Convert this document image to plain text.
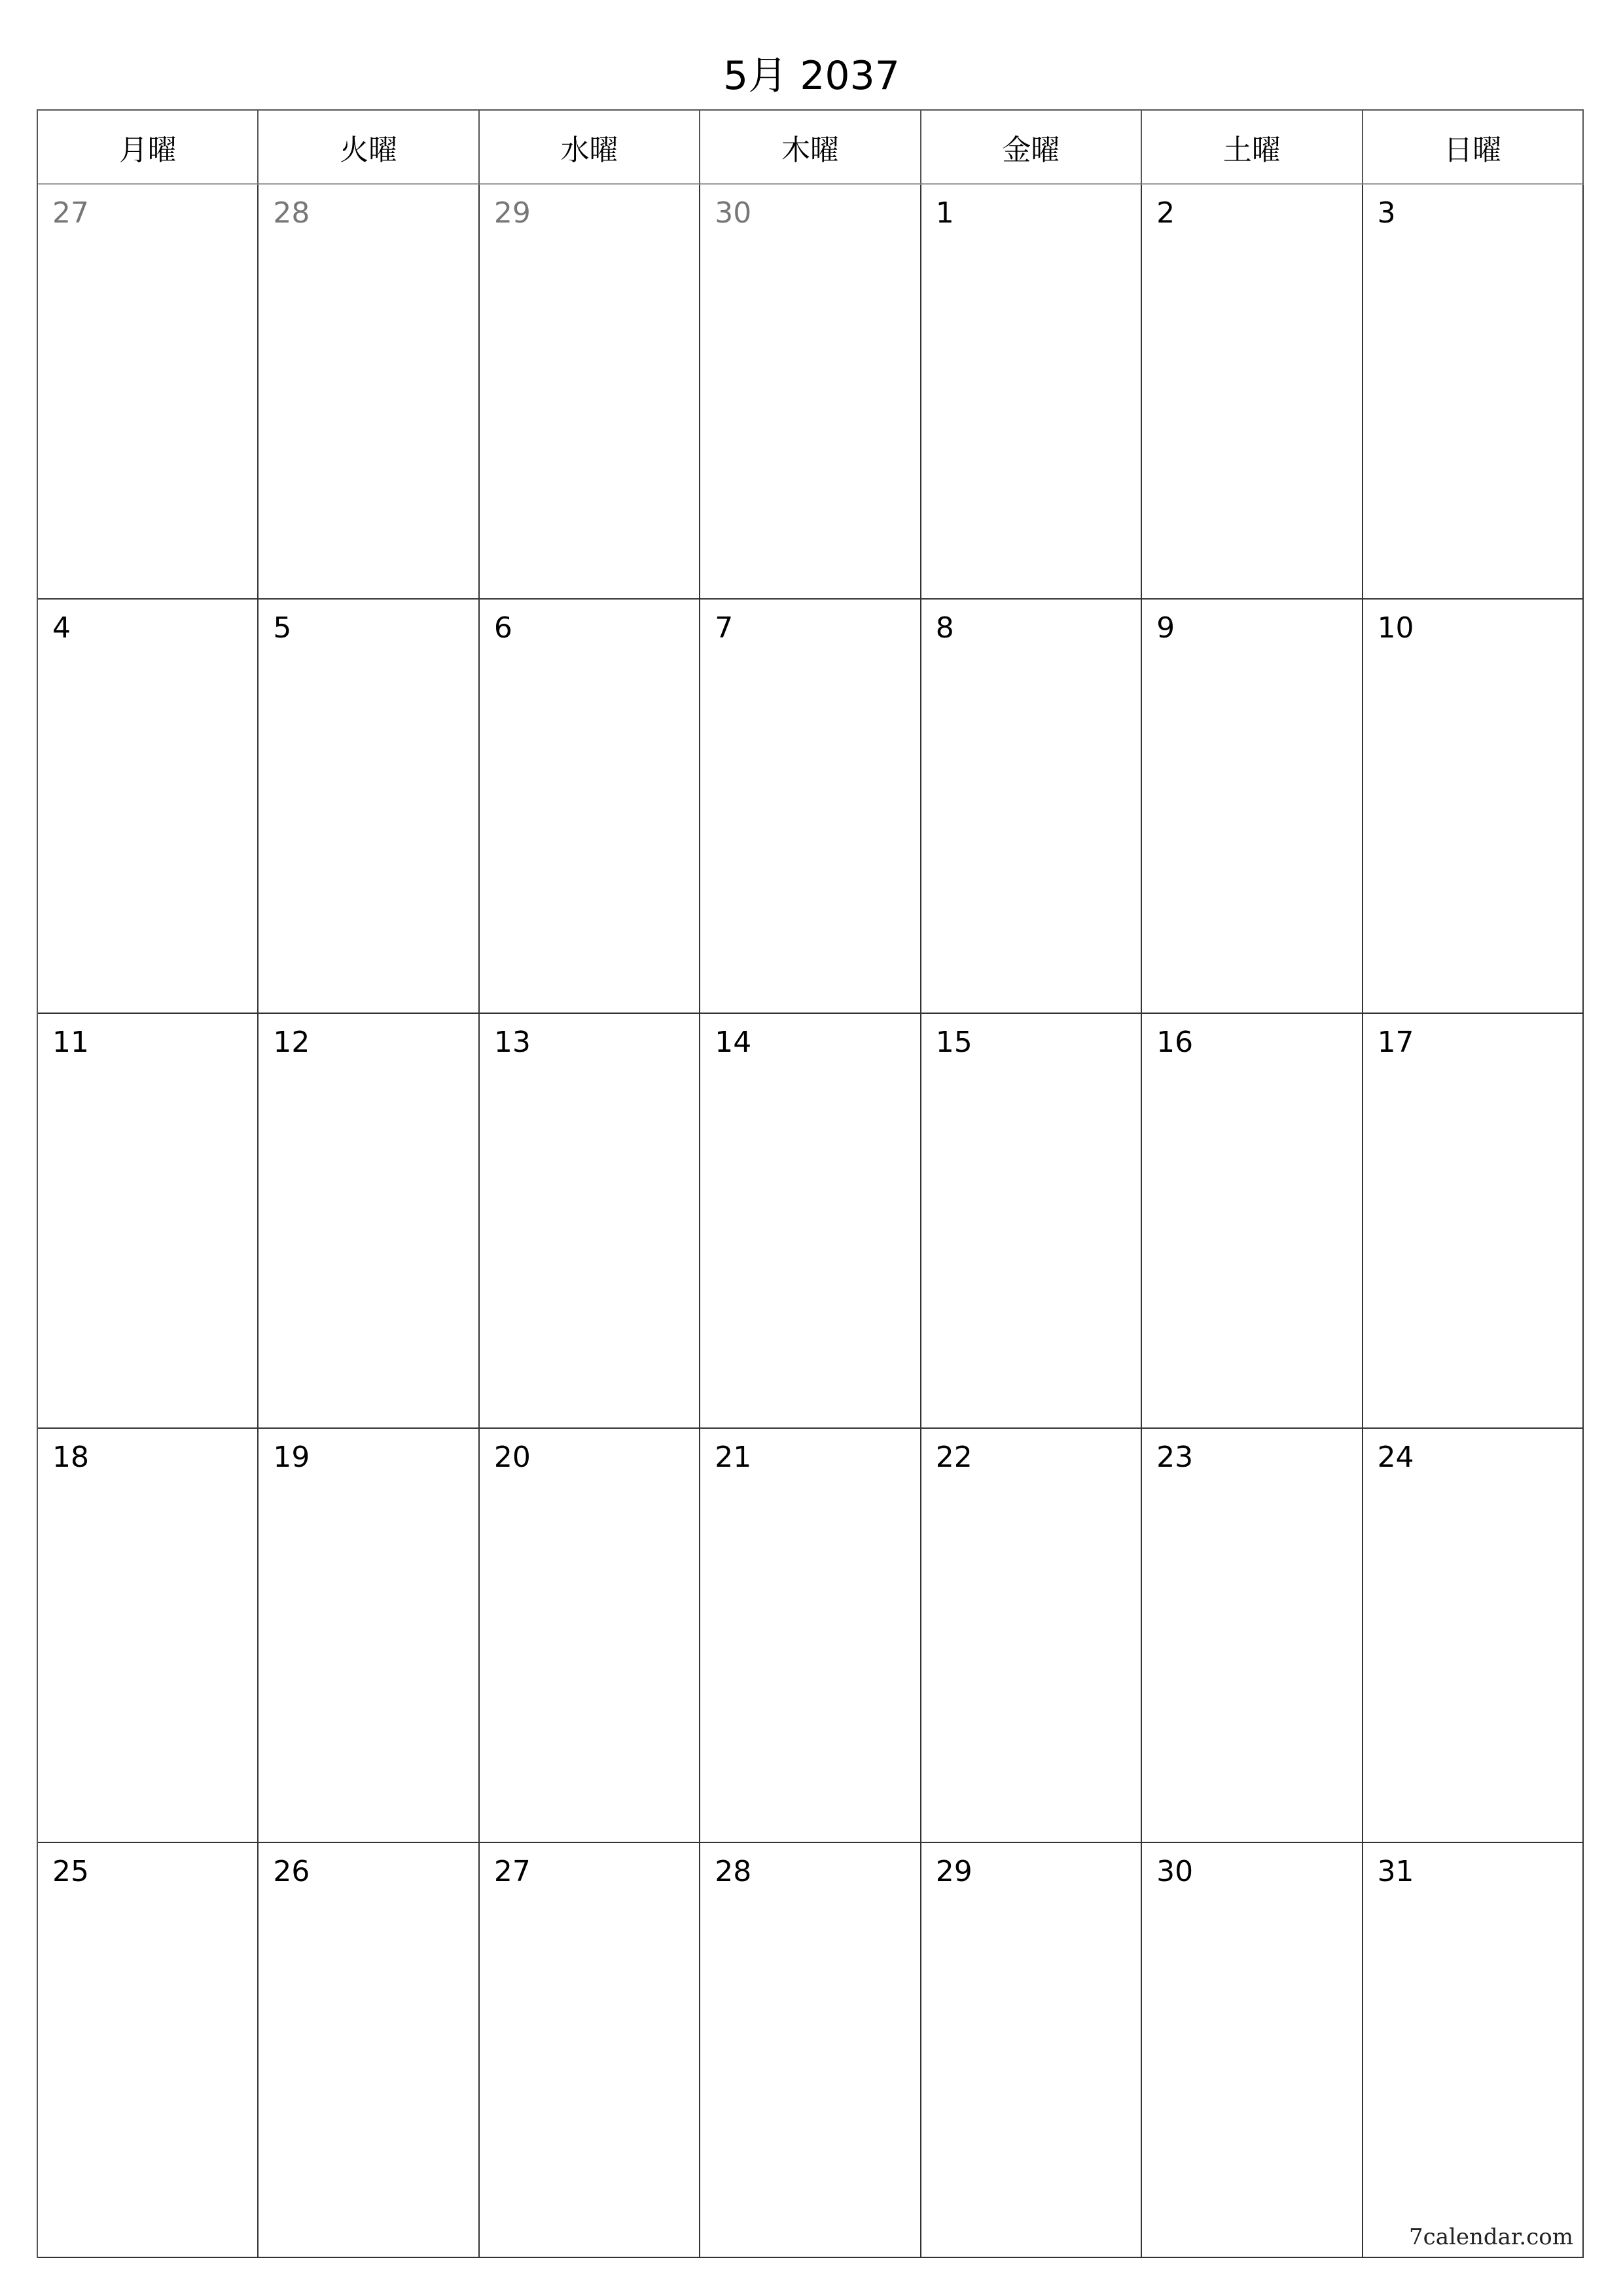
5月 2037
月曜	火曜	水曜	木曜	金曜	土曜	日曜
27	28	29	30	1	2	3
4	5	6	7	8	9	10
11	12	13	14	15	16	17
18	19	20	21	22	23	24
25	26	27	28	29	30	31
7calendar.com
